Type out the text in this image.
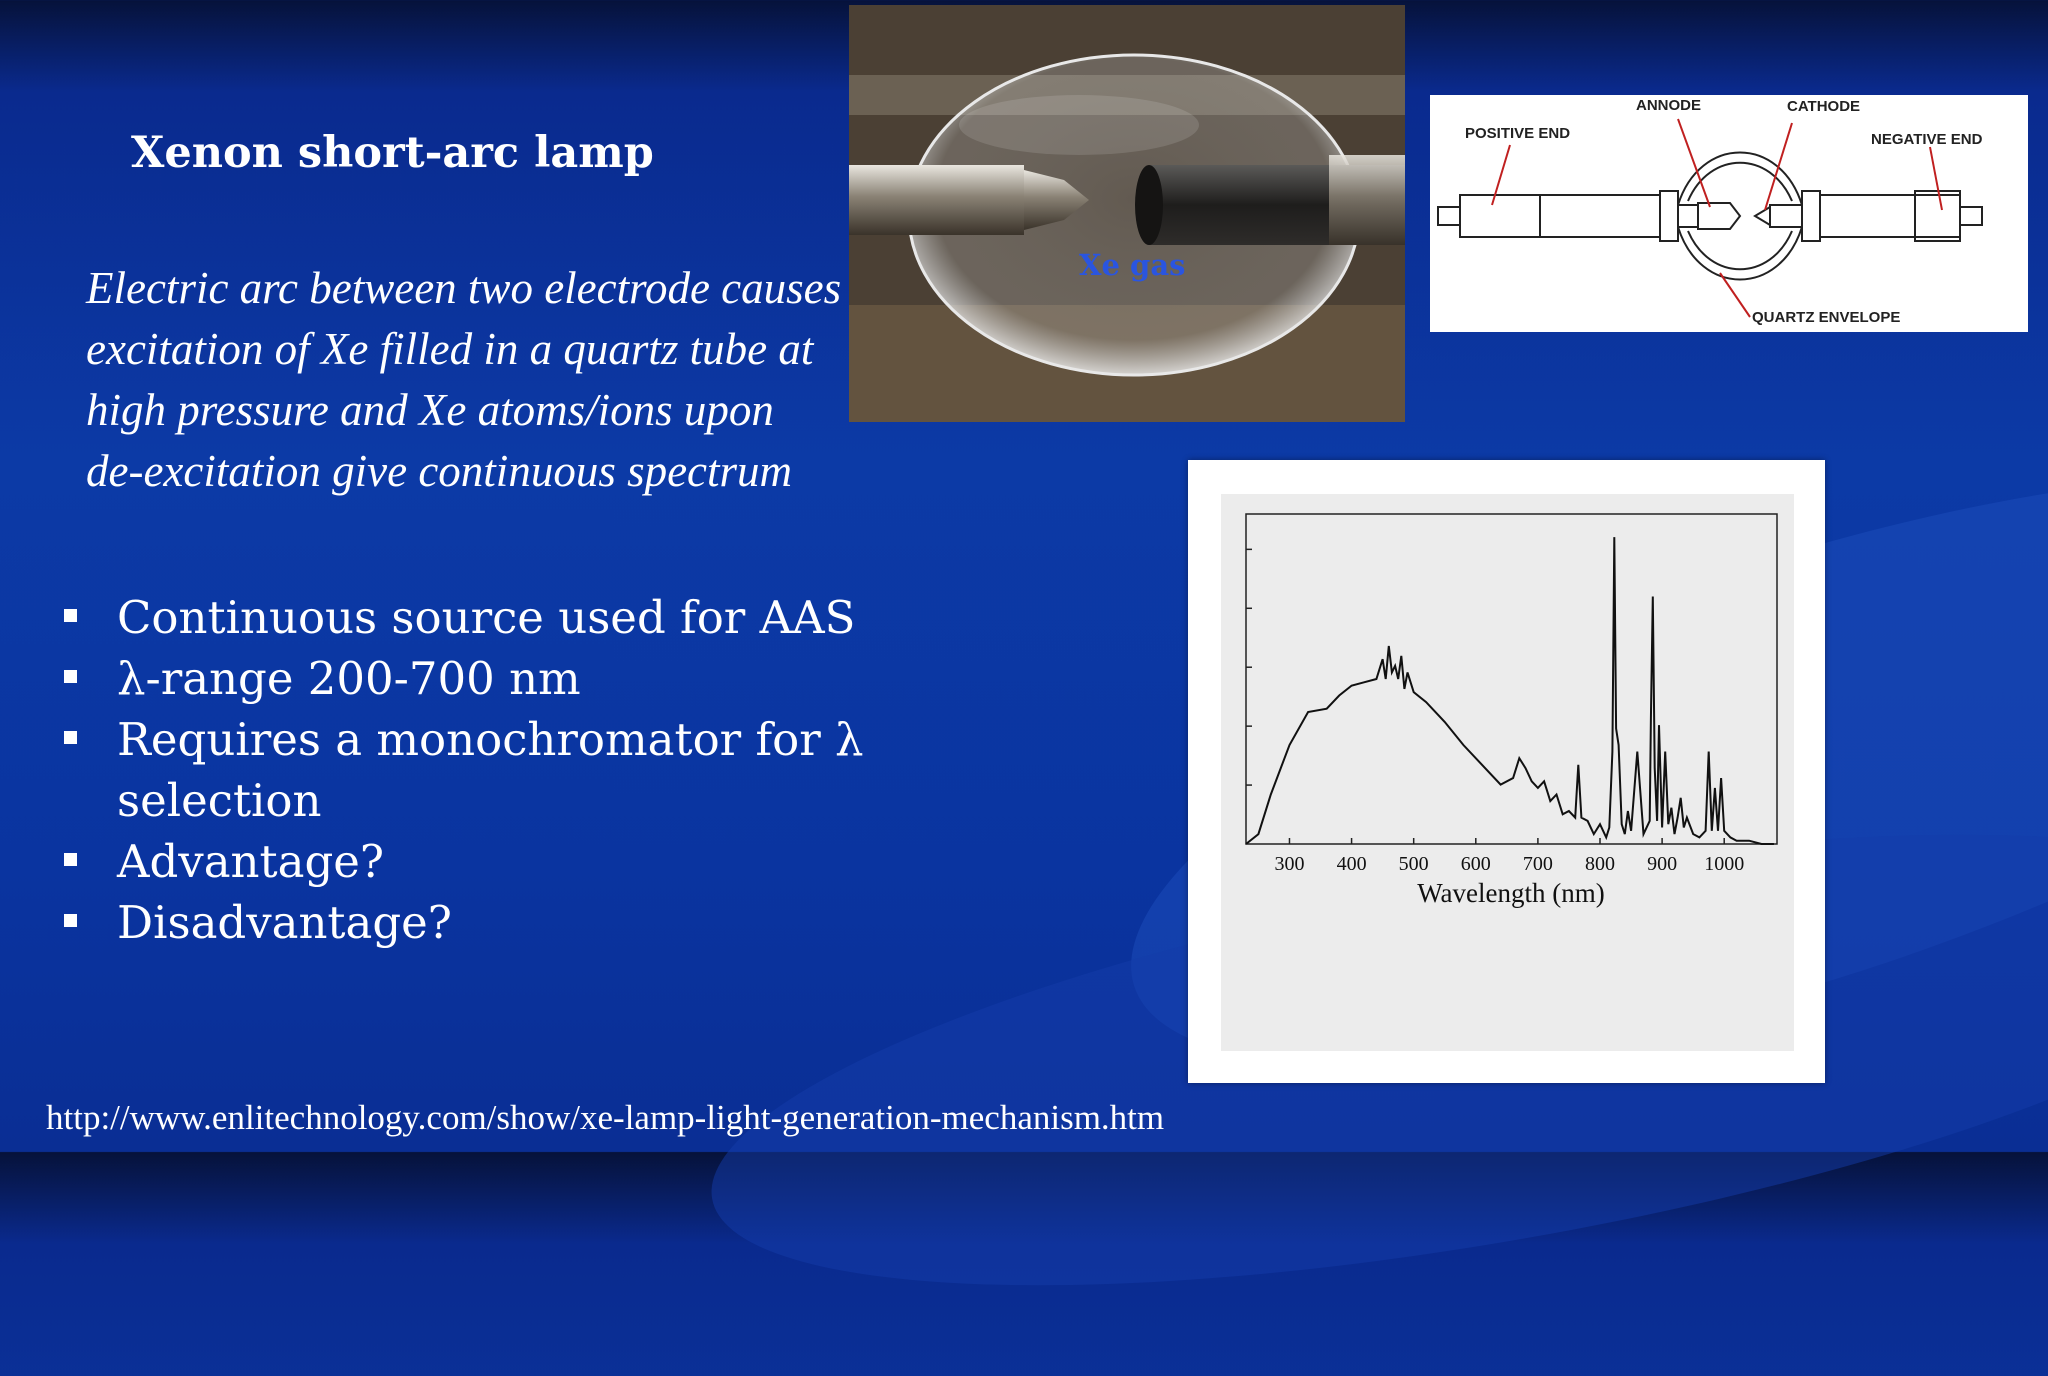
Xenon short-arc lamp
Electric arc between two electrode causes
excitation of Xe filled in a quartz tube at
high pressure and Xe atoms/ions upon
de-excitation give continuous spectrum
Continuous source used for AAS
λ-range 200-700 nm
Requires a monochromator for λ
selection
Advantage?
Disadvantage?
Xe gas
POSITIVE END
ANNODE	CATHODE
NEGATIVE END
QUARTZ ENVELOPE
300 400 500 600 700 800 900 1000
Wavelength (nm)
http://www.enlitechnology.com/show/xe-lamp-light-generation-mechanism.htm
